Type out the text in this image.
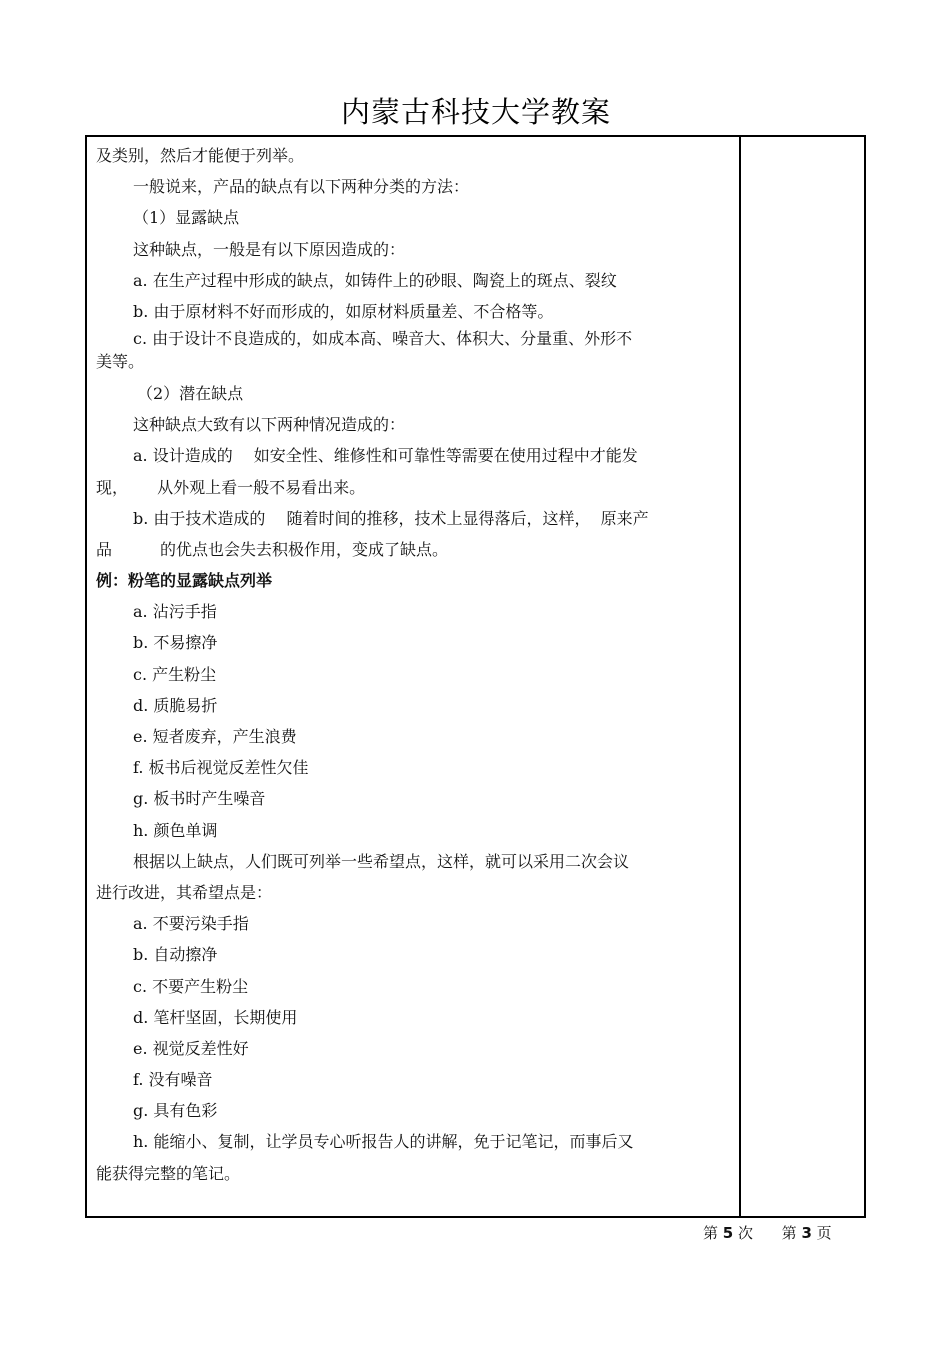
内蒙古科技大学教案
及类别，然后才能便于列举。
一般说来，产品的缺点有以下两种分类的方法：
（1）显露缺点
这种缺点，一般是有以下原因造成的：
a. 在生产过程中形成的缺点，如铸件上的砂眼、陶瓷上的斑点、裂纹
b. 由于原材料不好而形成的，如原材料质量差、不合格等。
c. 由于设计不良造成的，如成本高、噪音大、体积大、分量重、外形不
美等。
（2）潜在缺点
这种缺点大致有以下两种情况造成的：
a. 设计造成的　 如安全性、维修性和可靠性等需要在使用过程中才能发
现，　　 从外观上看一般不易看出来。
b. 由于技术造成的　 随着时间的推移，技术上显得落后，这样，  原来产
品　　　的优点也会失去积极作用，变成了缺点。
例：粉笔的显露缺点列举
a. 沾污手指
b. 不易擦净
c. 产生粉尘
d. 质脆易折
e. 短者废弃，产生浪费
f. 板书后视觉反差性欠佳
g. 板书时产生噪音
h. 颜色单调
根据以上缺点，人们既可列举一些希望点，这样，就可以采用二次会议
进行改进，其希望点是：
a. 不要污染手指
b. 自动擦净
c. 不要产生粉尘
d. 笔杆坚固，长期使用
e. 视觉反差性好
f. 没有噪音
g. 具有色彩
h. 能缩小、复制，让学员专心听报告人的讲解，免于记笔记，而事后又
能获得完整的笔记。
第 5 次 第 3 页
